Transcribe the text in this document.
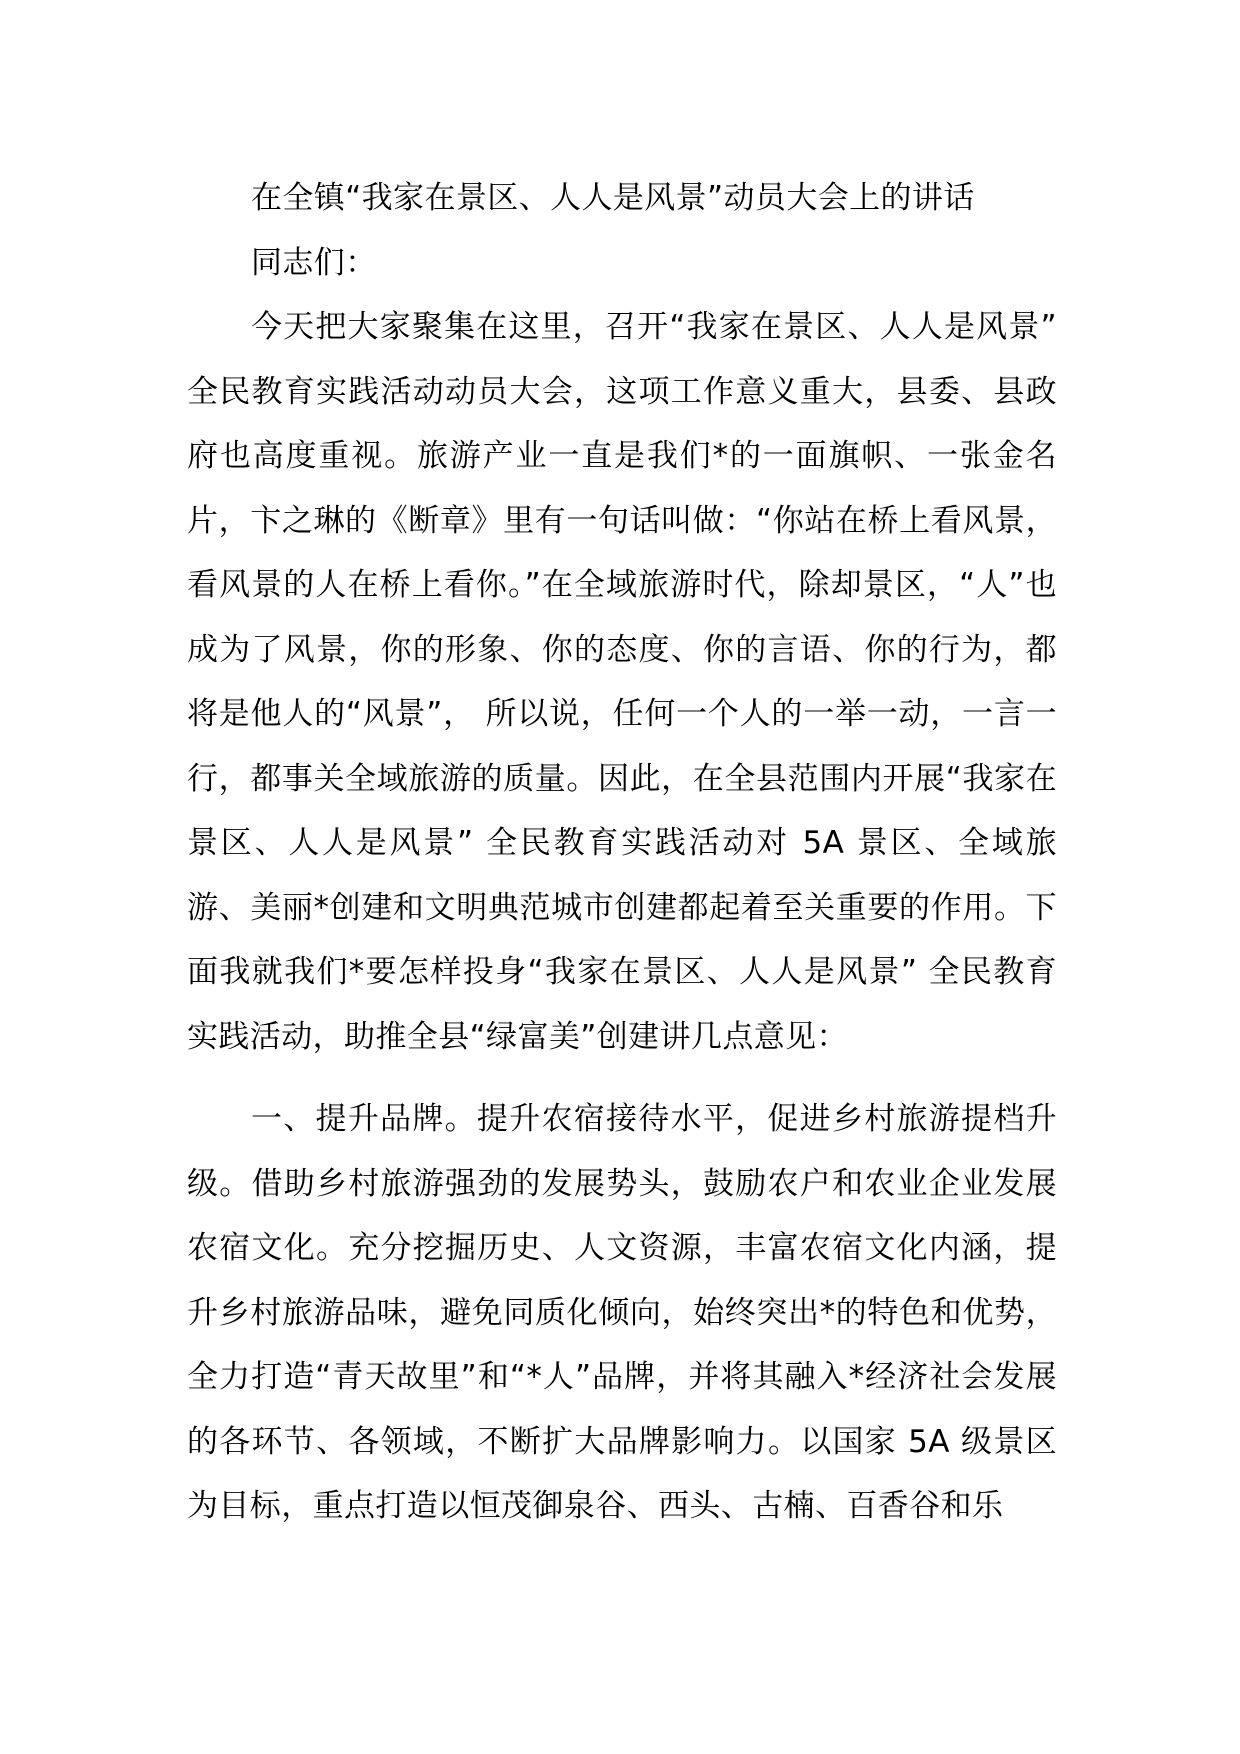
在全镇“我家在景区、人人是风景”动员大会上的讲话

同志们：

今天把大家聚集在这里，召开“我家在景区、人人是风景” 全民教育实践活动动员大会，这项工作意义重大，县委、县政府也高度重视。旅游产业一直是我们*的一面旗帜、一张金名片，卞之琳的《断章》里有一句话叫做：“你站在桥上看风景，看风景的人在桥上看你。”在全域旅游时代，除却景区，“人”也成为了风景，你的形象、你的态度、你的言语、你的行为，都将是他人的“风景”， 所以说，任何一个人的一举一动，一言一行，都事关全域旅游的质量。因此，在全县范围内开展“我家在景区、人人是风景” 全民教育实践活动对 5A 景区、全域旅游、美丽*创建和文明典范城市创建都起着至关重要的作用。下面我就我们*要怎样投身“我家在景区、人人是风景” 全民教育实践活动，助推全县“绿富美”创建讲几点意见：

一、提升品牌。提升农宿接待水平，促进乡村旅游提档升级。借助乡村旅游强劲的发展势头，鼓励农户和农业企业发展农宿文化。充分挖掘历史、人文资源，丰富农宿文化内涵，提升乡村旅游品味，避免同质化倾向，始终突出*的特色和优势，全力打造“青天故里”和“*人”品牌，并将其融入*经济社会发展的各环节、各领域，不断扩大品牌影响力。以国家 5A 级景区为目标，重点打造以恒茂御泉谷、西头、古楠、百香谷和乐
